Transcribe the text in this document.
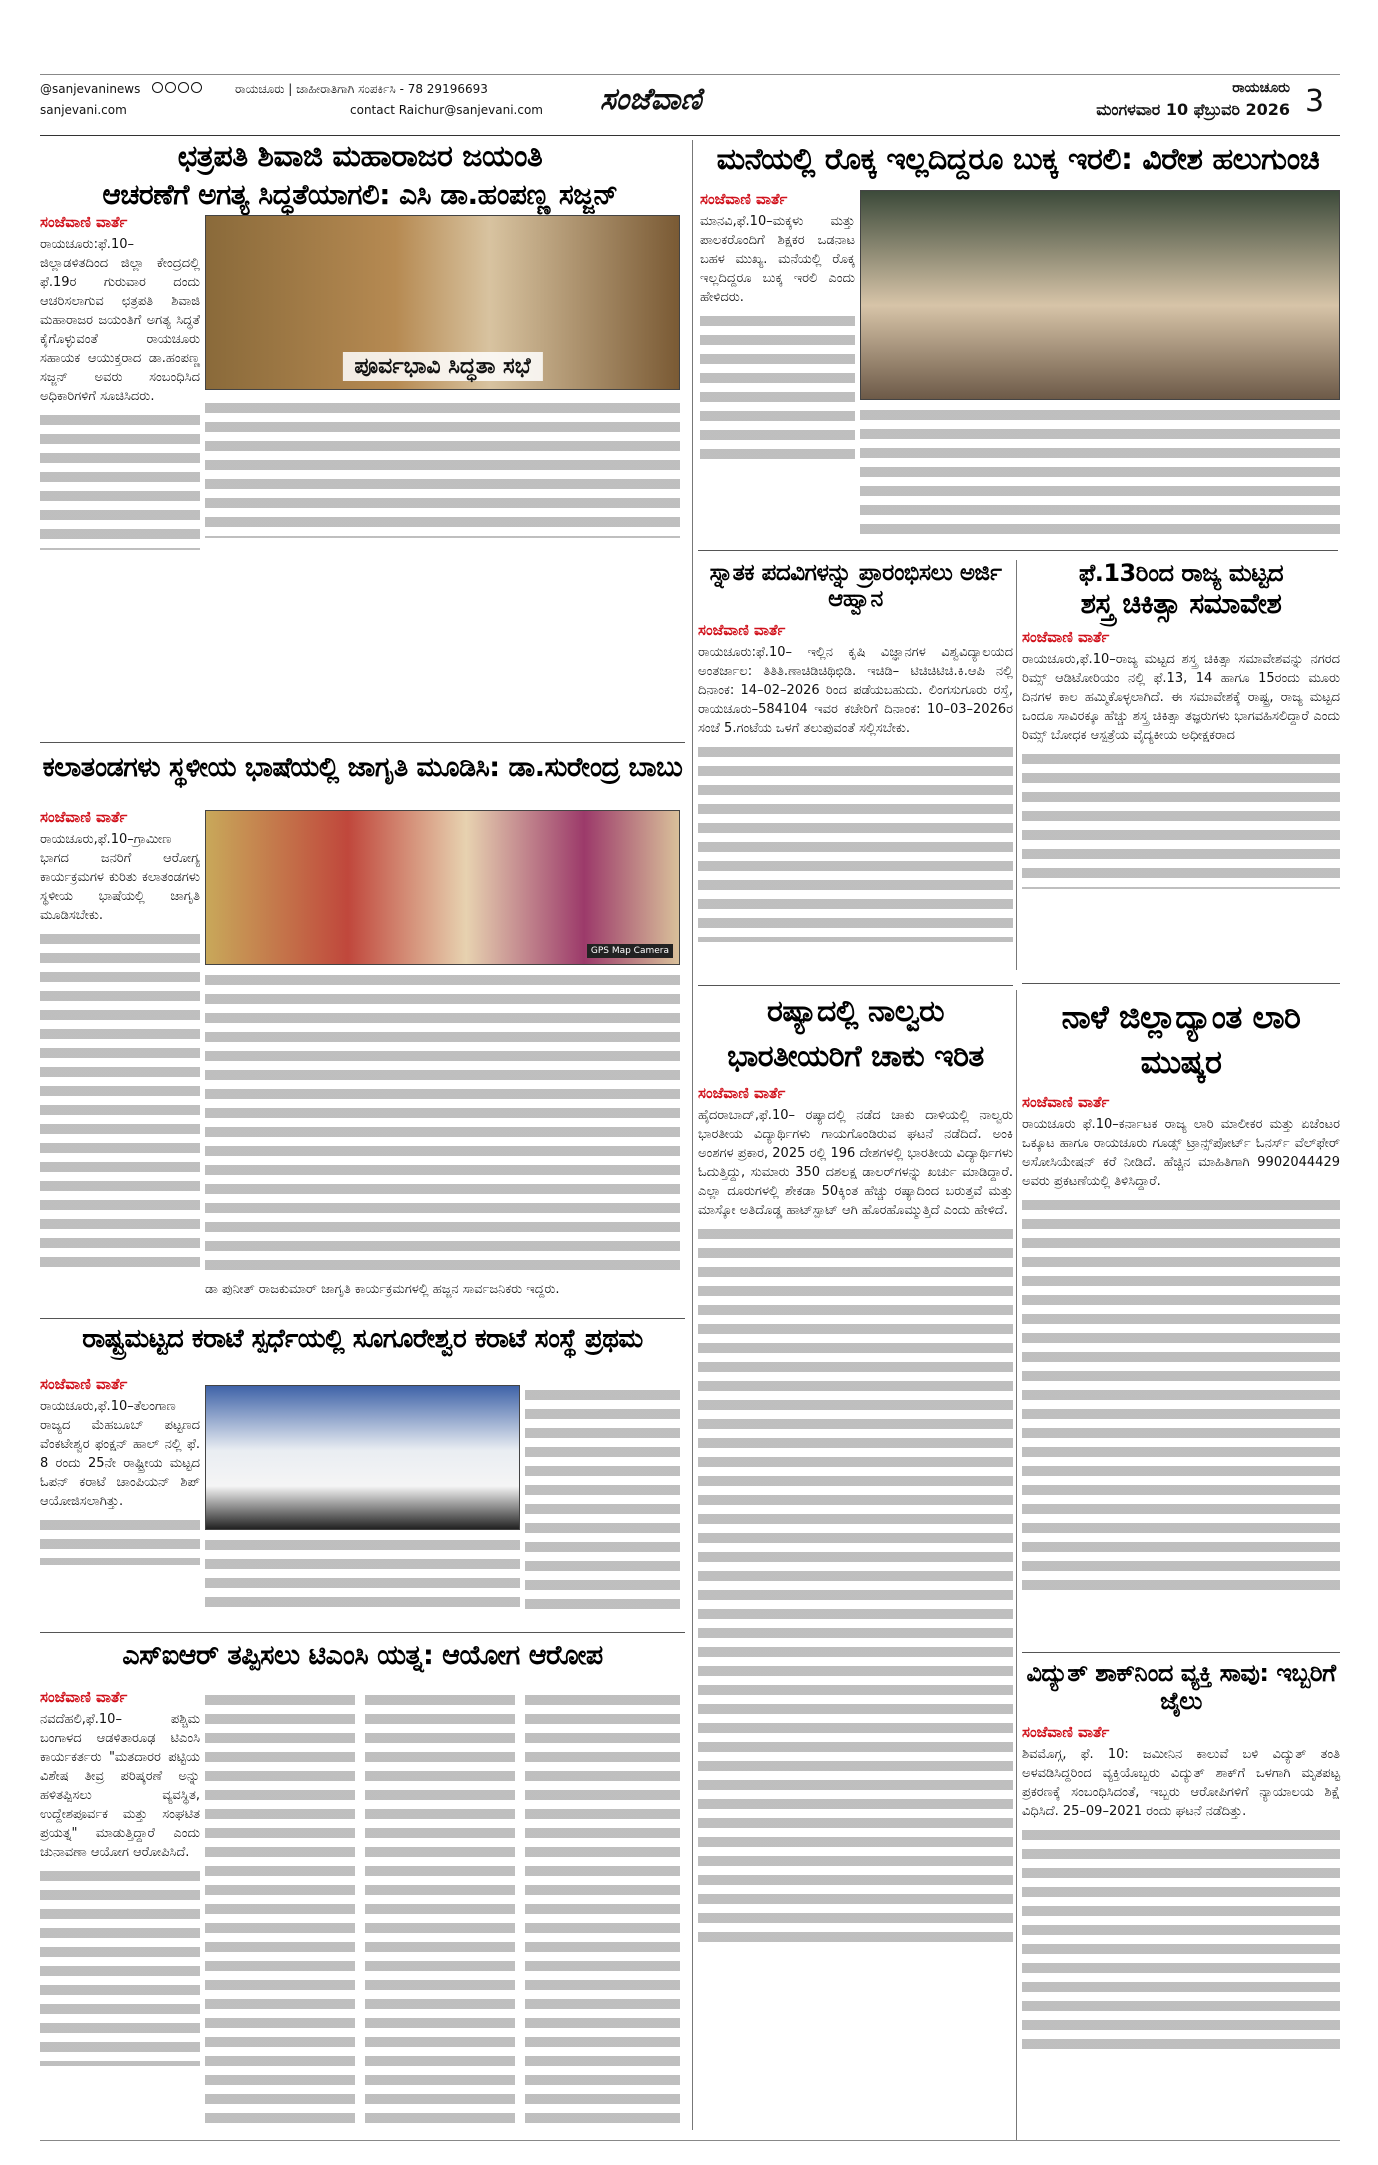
@sanjevaninews	ರಾಯಚೂರು | ಜಾಹೀರಾತಿಗಾಗಿ ಸಂಪರ್ಕಿಸಿ - 78 29196693
sanjevani.com	contact Raichur@sanjevani.com ಸಂಜೆವಾಣಿ	ರಾಯಚೂರು
ಮಂಗಳವಾರ 10 ಫೆಬ್ರುವರಿ 2026 3
ಛತ್ರಪತಿ ಶಿವಾಜಿ ಮಹಾರಾಜರ ಜಯಂತಿ
ಆಚರಣೆಗೆ ಅಗತ್ಯ ಸಿದ್ಧತೆಯಾಗಲಿ: ಎಸಿ ಡಾ.ಹಂಪಣ್ಣ ಸಜ್ಜನ್
ಸಂಜೆವಾಣಿ ವಾರ್ತೆ

ರಾಯಚೂರು:ಫೆ.10– ಜಿಲ್ಲಾಡಳಿತದಿಂದ ಜಿಲ್ಲಾ ಕೇಂದ್ರದಲ್ಲಿ ಫೆ.19ರ ಗುರುವಾರ ದಂದು ಆಚರಿಸಲಾಗುವ ಛತ್ರಪತಿ ಶಿವಾಜಿ ಮಹಾರಾಜರ ಜಯಂತಿಗೆ ಅಗತ್ಯ ಸಿದ್ಧತೆ ಕೈಗೊಳ್ಳುವಂತೆ ರಾಯಚೂರು ಸಹಾಯಕ ಆಯುಕ್ತರಾದ ಡಾ.ಹಂಪಣ್ಣ ಸಜ್ಜನ್ ಅವರು ಸಂಬಂಧಿಸಿದ ಅಧಿಕಾರಿಗಳಿಗೆ ಸೂಚಿಸಿದರು.

ಪೂರ್ವಭಾವಿ ಸಿದ್ಧತಾ ಸಭೆ
ಮನೆಯಲ್ಲಿ ರೊಕ್ಕ ಇಲ್ಲದಿದ್ದರೂ ಬುಕ್ಕ ಇರಲಿ: ವಿರೇಶ ಹಲುಗುಂಚಿ
ಸಂಜೆವಾಣಿ ವಾರ್ತೆ

ಮಾನವಿ,ಫೆ.10–ಮಕ್ಕಳು ಮತ್ತು ಪಾಲಕರೊಂದಿಗೆ ಶಿಕ್ಷಕರ ಒಡನಾಟ ಬಹಳ ಮುಖ್ಯ. ಮನೆಯಲ್ಲಿ ರೊಕ್ಕ ಇಲ್ಲದಿದ್ದರೂ ಬುಕ್ಕ ಇರಲಿ ಎಂದು ಹೇಳಿದರು.

ಸ್ನಾತಕ ಪದವಿಗಳನ್ನು ಪ್ರಾರಂಭಿಸಲು ಅರ್ಜಿ ಆಹ್ವಾನ
ಸಂಜೆವಾಣಿ ವಾರ್ತೆ

ರಾಯಚೂರು:ಫೆ.10– ಇಲ್ಲಿನ ಕೃಷಿ ವಿಜ್ಞಾನಗಳ ವಿಶ್ವವಿದ್ಯಾಲಯದ ಅಂತರ್ಜಾಲ: ತಿತಿತಿ.ಣಾಚಿಡಿಚಿಥಿಛಿಡಿ. ಇಚಿಡಿ– ಟಿಚಿಚಿಟಿಚಿ.ಕಿ.ಆಪಿ ನಲ್ಲಿ ದಿನಾಂಕ: 14–02–2026 ರಿಂದ ಪಡೆಯಬಹುದು. ಲಿಂಗಸುಗೂರು ರಸ್ತೆ, ರಾಯಚೂರು–584104 ಇವರ ಕಚೇರಿಗೆ ದಿನಾಂಕ: 10–03–2026ರ ಸಂಜೆ 5.ಗಂಟೆಯ ಒಳಗೆ ತಲುಪುವಂತೆ ಸಲ್ಲಿಸಬೇಕು.

ಫೆ.13ರಿಂದ ರಾಜ್ಯ ಮಟ್ಟದ
ಶಸ್ತ್ರ ಚಿಕಿತ್ಸಾ ಸಮಾವೇಶ
ಸಂಜೆವಾಣಿ ವಾರ್ತೆ

ರಾಯಚೂರು,ಫೆ.10–ರಾಜ್ಯ ಮಟ್ಟದ ಶಸ್ತ್ರ ಚಿಕಿತ್ಸಾ ಸಮಾವೇಶವನ್ನು ನಗರದ ರಿಮ್ಸ್ ಆಡಿಟೋರಿಯಂ ನಲ್ಲಿ ಫೆ.13, 14 ಹಾಗೂ 15ರಂದು ಮೂರು ದಿನಗಳ ಕಾಲ ಹಮ್ಮಿಕೊಳ್ಳಲಾಗಿದೆ. ಈ ಸಮಾವೇಶಕ್ಕೆ ರಾಷ್ಟ್ರ, ರಾಜ್ಯ ಮಟ್ಟದ ಒಂದೂ ಸಾವಿರಕ್ಕೂ ಹೆಚ್ಚು ಶಸ್ತ್ರ ಚಿಕಿತ್ಸಾ ತಜ್ಞರುಗಳು ಭಾಗವಹಿಸಲಿದ್ದಾರೆ ಎಂದು ರಿಮ್ಸ್ ಬೋಧಕ ಆಸ್ಪತ್ರೆಯ ವೈದ್ಯಕೀಯ ಅಧೀಕ್ಷಕರಾದ

ಕಲಾತಂಡಗಳು ಸ್ಥಳೀಯ ಭಾಷೆಯಲ್ಲಿ ಜಾಗೃತಿ ಮೂಡಿಸಿ: ಡಾ.ಸುರೇಂದ್ರ ಬಾಬು
ಸಂಜೆವಾಣಿ ವಾರ್ತೆ

ರಾಯಚೂರು,ಫೆ.10–ಗ್ರಾಮೀಣ ಭಾಗದ ಜನರಿಗೆ ಆರೋಗ್ಯ ಕಾರ್ಯಕ್ರಮಗಳ ಕುರಿತು ಕಲಾತಂಡಗಳು ಸ್ಥಳೀಯ ಭಾಷೆಯಲ್ಲಿ ಜಾಗೃತಿ ಮೂಡಿಸಬೇಕು.

GPS Map Camera
ಡಾ ಪುನೀತ್ ರಾಜಕುಮಾರ್ ಜಾಗೃತಿ ಕಾರ್ಯಕ್ರಮಗಳಲ್ಲಿ ಹಜ್ಜನ ಸಾರ್ವಜನಿಕರು ಇದ್ದರು.
ರಾಷ್ಟ್ರಮಟ್ಟದ ಕರಾಟೆ ಸ್ಪರ್ಧೆಯಲ್ಲಿ ಸೂಗೂರೇಶ್ವರ ಕರಾಟೆ ಸಂಸ್ಥೆ ಪ್ರಥಮ
ಸಂಜೆವಾಣಿ ವಾರ್ತೆ

ರಾಯಚೂರು,ಫೆ.10–ತೆಲಂಗಾಣ ರಾಜ್ಯದ ಮೆಹಬೂಬ್ ಪಟ್ಟಣದ ವೆಂಕಟೇಶ್ವರ ಫಂಕ್ಷನ್ ಹಾಲ್ ನಲ್ಲಿ ಫೆ. 8 ರಂದು 25ನೇ ರಾಷ್ಟ್ರೀಯ ಮಟ್ಟದ ಓಪನ್ ಕರಾಟೆ ಚಾಂಪಿಯನ್ ಶಿಪ್ ಆಯೋಜಿಸಲಾಗಿತ್ತು.

ಎಸ್‌ಐಆರ್ ತಪ್ಪಿಸಲು ಟಿಎಂಸಿ ಯತ್ನ: ಆಯೋಗ ಆರೋಪ
ಸಂಜೆವಾಣಿ ವಾರ್ತೆ

ನವದೆಹಲಿ,ಫೆ.10– ಪಶ್ಚಿಮ ಬಂಗಾಳದ ಆಡಳಿತಾರೂಢ ಟಿಎಂಸಿ ಕಾರ್ಯಕರ್ತರು "ಮತದಾರರ ಪಟ್ಟಿಯ ವಿಶೇಷ ತೀವ್ರ ಪರಿಷ್ಕರಣೆ ಅನ್ನು ಹಳಿತಪ್ಪಿಸಲು ವ್ಯವಸ್ಥಿತ, ಉದ್ದೇಶಪೂರ್ವಕ ಮತ್ತು ಸಂಘಟಿತ ಪ್ರಯತ್ನ" ಮಾಡುತ್ತಿದ್ದಾರೆ ಎಂದು ಚುನಾವಣಾ ಆಯೋಗ ಆರೋಪಿಸಿದೆ.

ರಷ್ಯಾದಲ್ಲಿ ನಾಲ್ವರು
ಭಾರತೀಯರಿಗೆ ಚಾಕು ಇರಿತ
ಸಂಜೆವಾಣಿ ವಾರ್ತೆ

ಹೈದರಾಬಾದ್,ಫೆ.10– ರಷ್ಯಾದಲ್ಲಿ ನಡೆದ ಚಾಕು ದಾಳಿಯಲ್ಲಿ ನಾಲ್ವರು ಭಾರತೀಯ ವಿದ್ಯಾರ್ಥಿಗಳು ಗಾಯಗೊಂಡಿರುವ ಘಟನೆ ನಡೆದಿದೆ. ಅಂಕಿ ಅಂಶಗಳ ಪ್ರಕಾರ, 2025 ರಲ್ಲಿ 196 ದೇಶಗಳಲ್ಲಿ ಭಾರತೀಯ ವಿದ್ಯಾರ್ಥಿಗಳು ಓದುತ್ತಿದ್ದು, ಸುಮಾರು 350 ದಶಲಕ್ಷ ಡಾಲರ್‌ಗಳನ್ನು ಖರ್ಚು ಮಾಡಿದ್ದಾರೆ. ಎಲ್ಲಾ ದೂರುಗಳಲ್ಲಿ ಶೇಕಡಾ 50ಕ್ಕಿಂತ ಹೆಚ್ಚು ರಷ್ಯಾದಿಂದ ಬರುತ್ತವೆ ಮತ್ತು ಮಾಸ್ಕೋ ಅತಿದೊಡ್ಡ ಹಾಟ್‌ಸ್ಪಾಟ್ ಆಗಿ ಹೊರಹೊಮ್ಮುತ್ತಿದೆ ಎಂದು ಹೇಳಿದೆ.

ನಾಳೆ ಜಿಲ್ಲಾದ್ಯಾಂತ ಲಾರಿ ಮುಷ್ಕರ
ಸಂಜೆವಾಣಿ ವಾರ್ತೆ

ರಾಯಚೂರು ಫೆ.10–ಕರ್ನಾಟಕ ರಾಜ್ಯ ಲಾರಿ ಮಾಲೀಕರ ಮತ್ತು ಏಜೆಂಟರ ಒಕ್ಕೂಟ ಹಾಗೂ ರಾಯಚೂರು ಗೂಡ್ಸ್ ಟ್ರಾನ್ಸ್‌ಪೋರ್ಟ್ ಓನರ್ಸ್ ವೆಲ್‌ಫೇರ್ ಅಸೋಸಿಯೇಷನ್ ಕರೆ ನೀಡಿದೆ. ಹೆಚ್ಚಿನ ಮಾಹಿತಿಗಾಗಿ 9902044429 ಅವರು ಪ್ರಕಟಣೆಯಲ್ಲಿ ತಿಳಿಸಿದ್ದಾರೆ.

ವಿದ್ಯುತ್ ಶಾಕ್‌ನಿಂದ ವ್ಯಕ್ತಿ ಸಾವು: ಇಬ್ಬರಿಗೆ ಜೈಲು
ಸಂಜೆವಾಣಿ ವಾರ್ತೆ

ಶಿವಮೊಗ್ಗ, ಫೆ. 10: ಜಮೀನಿನ ಕಾಲುವೆ ಬಳಿ ವಿದ್ಯುತ್ ತಂತಿ ಅಳವಡಿಸಿದ್ದರಿಂದ ವ್ಯಕ್ತಿಯೊಬ್ಬರು ವಿದ್ಯುತ್ ಶಾಕ್‌ಗೆ ಒಳಗಾಗಿ ಮೃತಪಟ್ಟ ಪ್ರಕರಣಕ್ಕೆ ಸಂಬಂಧಿಸಿದಂತೆ, ಇಬ್ಬರು ಆರೋಪಿಗಳಿಗೆ ನ್ಯಾಯಾಲಯ ಶಿಕ್ಷೆ ವಿಧಿಸಿದೆ. 25–09–2021 ರಂದು ಘಟನೆ ನಡೆದಿತ್ತು.
